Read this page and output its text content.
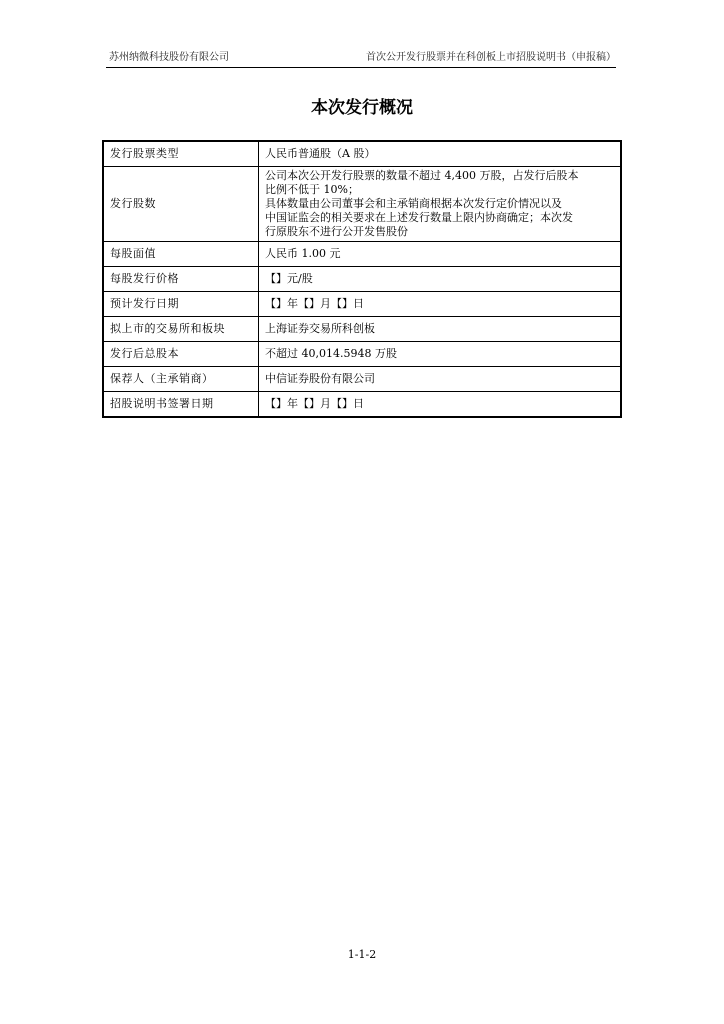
苏州纳微科技股份有限公司	首次公开发行股票并在科创板上市招股说明书（申报稿）
本次发行概况
发行股票类型	人民币普通股（A 股）
发行股数	公司本次公开发行股票的数量不超过 4,400 万股，占发行后股本
比例不低于 10%；
具体数量由公司董事会和主承销商根据本次发行定价情况以及
中国证监会的相关要求在上述发行数量上限内协商确定；本次发
行原股东不进行公开发售股份

每股面值	人民币 1.00 元
每股发行价格	【】元/股
预计发行日期	【】年【】月【】日
拟上市的交易所和板块	上海证券交易所科创板
发行后总股本	不超过 40,014.5948 万股
保荐人（主承销商）	中信证券股份有限公司
招股说明书签署日期	【】年【】月【】日
1-1-2
